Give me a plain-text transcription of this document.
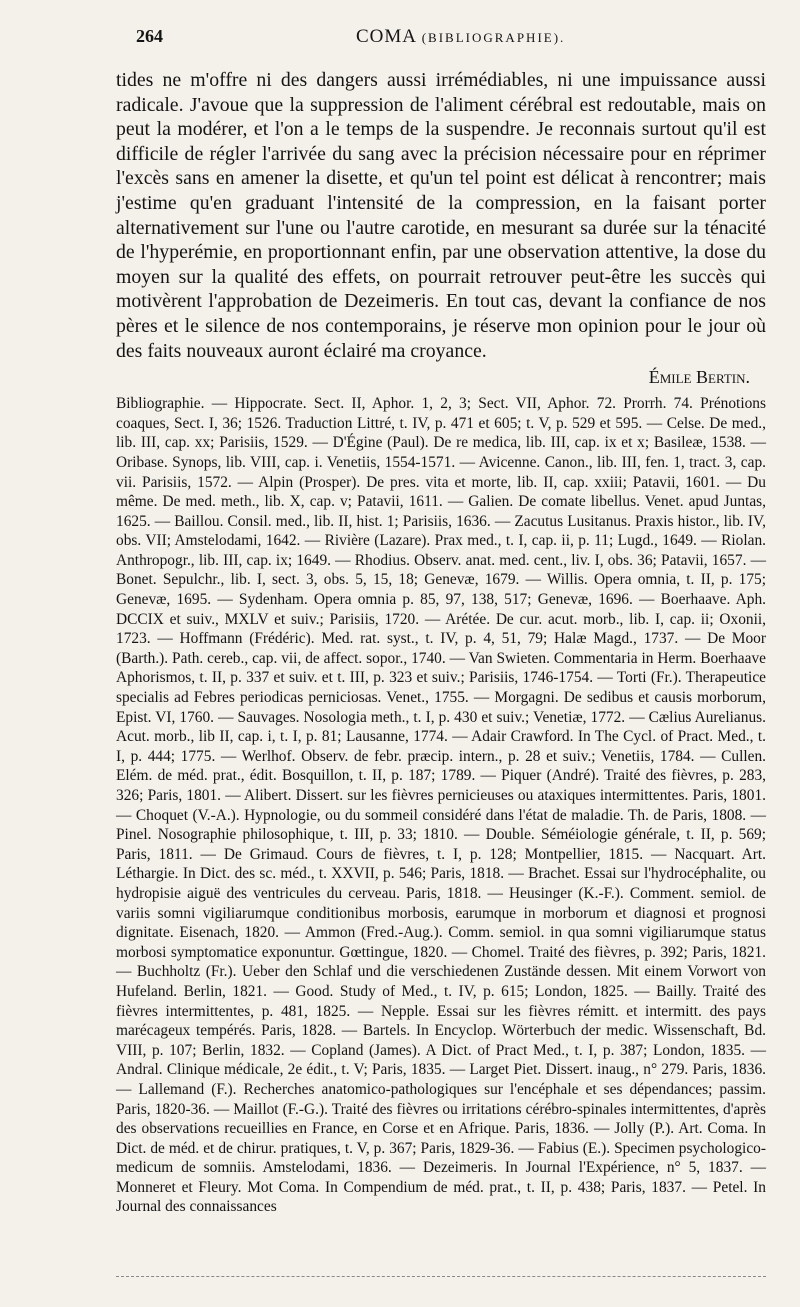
264	COMA (BIBLIOGRAPHIE).

tides ne m'offre ni des dangers aussi irrémédiables, ni une impuissance aussi radicale. J'avoue que la suppression de l'aliment cérébral est redoutable, mais on peut la modérer, et l'on a le temps de la suspendre. Je reconnais surtout qu'il est difficile de régler l'arrivée du sang avec la précision nécessaire pour en réprimer l'excès sans en amener la disette, et qu'un tel point est délicat à rencontrer; mais j'estime qu'en graduant l'intensité de la compression, en la faisant porter alternativement sur l'une ou l'autre carotide, en mesurant sa durée sur la ténacité de l'hyperémie, en proportionnant enfin, par une observation attentive, la dose du moyen sur la qualité des effets, on pourrait retrouver peut-être les succès qui motivèrent l'approbation de Dezeimeris. En tout cas, devant la confiance de nos pères et le silence de nos contemporains, je réserve mon opinion pour le jour où des faits nouveaux auront éclairé ma croyance.

Émile Bertin.

Bibliographie. — Hippocrate. Sect. II, Aphor. 1, 2, 3; Sect. VII, Aphor. 72. Prorrh. 74. Prénotions coaques, Sect. I, 36; 1526. Traduction Littré, t. IV, p. 471 et 605; t. V, p. 529 et 595. — Celse. De med., lib. III, cap. xx; Parisiis, 1529. — D'Égine (Paul). De re medica, lib. III, cap. ix et x; Basileæ, 1538. — Oribase. Synops, lib. VIII, cap. i. Venetiis, 1554-1571. — Avicenne. Canon., lib. III, fen. 1, tract. 3, cap. vii. Parisiis, 1572. — Alpin (Prosper). De pres. vita et morte, lib. II, cap. xxiii; Patavii, 1601. — Du même. De med. meth., lib. X, cap. v; Patavii, 1611. — Galien. De comate libellus. Venet. apud Juntas, 1625. — Baillou. Consil. med., lib. II, hist. 1; Parisiis, 1636. — Zacutus Lusitanus. Praxis histor., lib. IV, obs. VII; Amstelodami, 1642. — Rivière (Lazare). Prax med., t. I, cap. ii, p. 11; Lugd., 1649. — Riolan. Anthropogr., lib. III, cap. ix; 1649. — Rhodius. Observ. anat. med. cent., liv. I, obs. 36; Patavii, 1657. — Bonet. Sepulchr., lib. I, sect. 3, obs. 5, 15, 18; Genevæ, 1679. — Willis. Opera omnia, t. II, p. 175; Genevæ, 1695. — Sydenham. Opera omnia p. 85, 97, 138, 517; Genevæ, 1696. — Boerhaave. Aph. DCCIX et suiv., MXLV et suiv.; Parisiis, 1720. — Arétée. De cur. acut. morb., lib. I, cap. ii; Oxonii, 1723. — Hoffmann (Frédéric). Med. rat. syst., t. IV, p. 4, 51, 79; Halæ Magd., 1737. — De Moor (Barth.). Path. cereb., cap. vii, de affect. sopor., 1740. — Van Swieten. Commentaria in Herm. Boerhaave Aphorismos, t. II, p. 337 et suiv. et t. III, p. 323 et suiv.; Parisiis, 1746-1754. — Torti (Fr.). Therapeutice specialis ad Febres periodicas perniciosas. Venet., 1755. — Morgagni. De sedibus et causis morborum, Epist. VI, 1760. — Sauvages. Nosologia meth., t. I, p. 430 et suiv.; Venetiæ, 1772. — Cælius Aurelianus. Acut. morb., lib II, cap. i, t. I, p. 81; Lausanne, 1774. — Adair Crawford. In The Cycl. of Pract. Med., t. I, p. 444; 1775. — Werlhof. Observ. de febr. præcip. intern., p. 28 et suiv.; Venetiis, 1784. — Cullen. Elém. de méd. prat., édit. Bosquillon, t. II, p. 187; 1789. — Piquer (André). Traité des fièvres, p. 283, 326; Paris, 1801. — Alibert. Dissert. sur les fièvres pernicieuses ou ataxiques intermittentes. Paris, 1801. — Choquet (V.-A.). Hypnologie, ou du sommeil considéré dans l'état de maladie. Th. de Paris, 1808. — Pinel. Nosographie philosophique, t. III, p. 33; 1810. — Double. Séméiologie générale, t. II, p. 569; Paris, 1811. — De Grimaud. Cours de fièvres, t. I, p. 128; Montpellier, 1815. — Nacquart. Art. Léthargie. In Dict. des sc. méd., t. XXVII, p. 546; Paris, 1818. — Brachet. Essai sur l'hydrocéphalite, ou hydropisie aiguë des ventricules du cerveau. Paris, 1818. — Heusinger (K.-F.). Comment. semiol. de variis somni vigiliarumque conditionibus morbosis, earumque in morborum et diagnosi et prognosi dignitate. Eisenach, 1820. — Ammon (Fred.-Aug.). Comm. semiol. in qua somni vigiliarumque status morbosi symptomatice exponuntur. Gœttingue, 1820. — Chomel. Traité des fièvres, p. 392; Paris, 1821. — Buchholtz (Fr.). Ueber den Schlaf und die verschiedenen Zustände dessen. Mit einem Vorwort von Hufeland. Berlin, 1821. — Good. Study of Med., t. IV, p. 615; London, 1825. — Bailly. Traité des fièvres intermittentes, p. 481, 1825. — Nepple. Essai sur les fièvres rémitt. et intermitt. des pays marécageux tempérés. Paris, 1828. — Bartels. In Encyclop. Wörterbuch der medic. Wissenschaft, Bd. VIII, p. 107; Berlin, 1832. — Copland (James). A Dict. of Pract Med., t. I, p. 387; London, 1835. — Andral. Clinique médicale, 2e édit., t. V; Paris, 1835. — Larget Piet. Dissert. inaug., n° 279. Paris, 1836. — Lallemand (F.). Recherches anatomico-pathologiques sur l'encéphale et ses dépendances; passim. Paris, 1820-36. — Maillot (F.-G.). Traité des fièvres ou irritations cérébro-spinales intermittentes, d'après des observations recueillies en France, en Corse et en Afrique. Paris, 1836. — Jolly (P.). Art. Coma. In Dict. de méd. et de chirur. pratiques, t. V, p. 367; Paris, 1829-36. — Fabius (E.). Specimen psychologico-medicum de somniis. Amstelodami, 1836. — Dezeimeris. In Journal l'Expérience, n° 5, 1837. — Monneret et Fleury. Mot Coma. In Compendium de méd. prat., t. II, p. 438; Paris, 1837. — Petel. In Journal des connaissances
